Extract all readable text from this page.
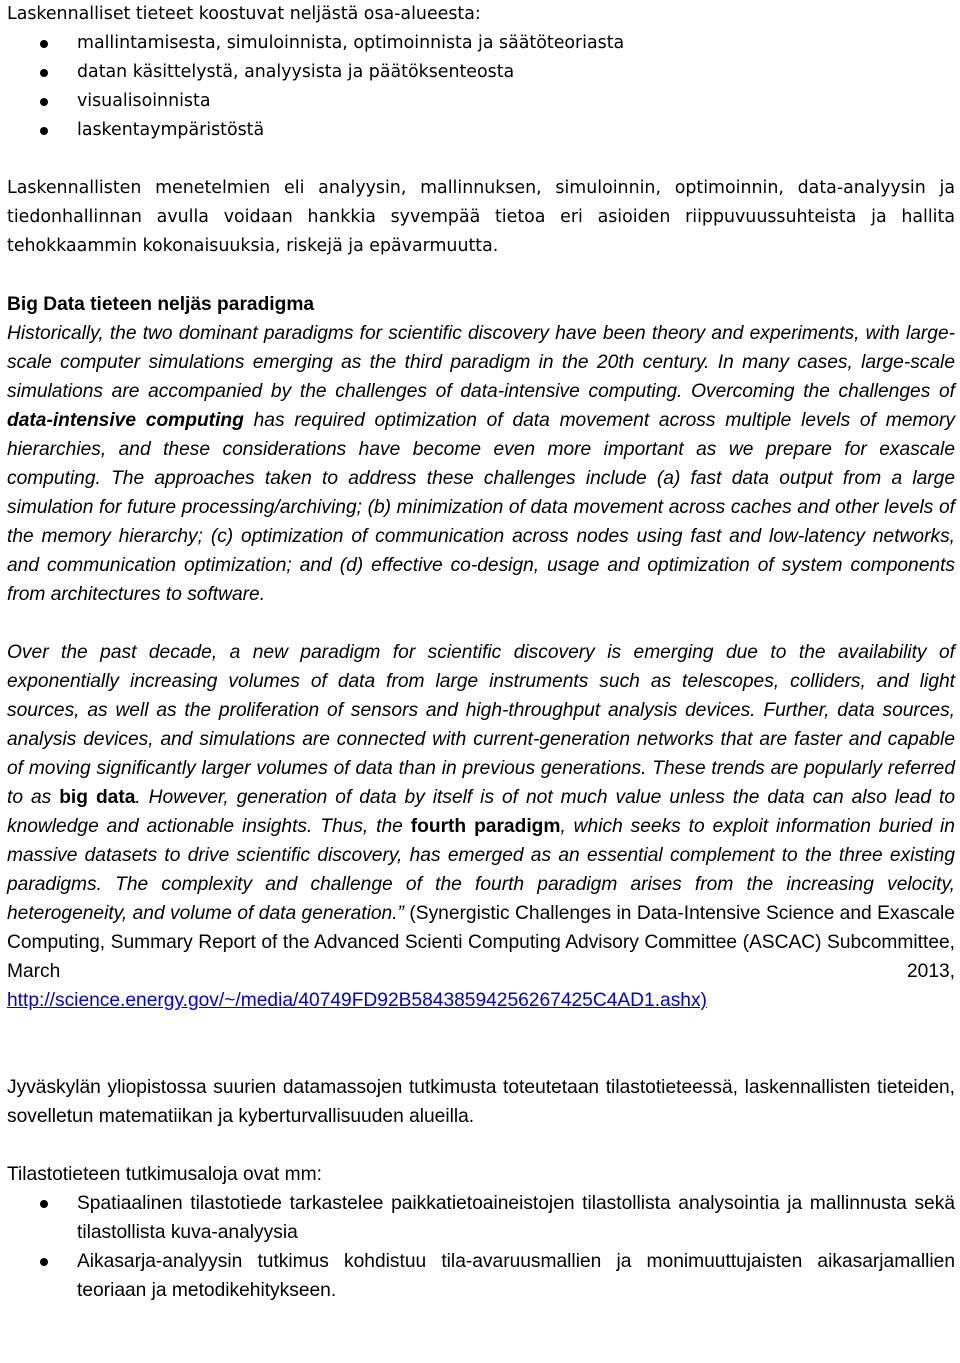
Laskennalliset tieteet koostuvat neljästä osa-alueesta:

mallintamisesta, simuloinnista, optimoinnista ja säätöteoriasta
datan käsittelystä, analyysista ja päätöksenteosta
visualisoinnista
laskentaympäristöstä

Laskennallisten menetelmien eli analyysin, mallinnuksen, simuloinnin, optimoinnin, data-analyysin ja tiedonhallinnan avulla voidaan hankkia syvempää tietoa eri asioiden riippuvuussuhteista ja hallita tehokkaammin kokonaisuuksia, riskejä ja epävarmuutta.

Big Data tieteen neljäs paradigma

Historically, the two dominant paradigms for scientific discovery have been theory and experiments, with large-scale computer simulations emerging as the third paradigm in the 20th century. In many cases, large-scale simulations are accompanied by the challenges of data-intensive computing. Overcoming the challenges of data-intensive computing has required optimization of data movement across multiple levels of memory hierarchies, and these considerations have become even more important as we prepare for exascale computing. The approaches taken to address these challenges include (a) fast data output from a large simulation for future processing/archiving; (b) minimization of data movement across caches and other levels of the memory hierarchy; (c) optimization of communication across nodes using fast and low-latency networks, and communication optimization; and (d) effective co-design, usage and optimization of system components from architectures to software.

Over the past decade, a new paradigm for scientific discovery is emerging due to the availability of exponentially increasing volumes of data from large instruments such as telescopes, colliders, and light sources, as well as the proliferation of sensors and high-throughput analysis devices. Further, data sources, analysis devices, and simulations are connected with current-generation networks that are faster and capable of moving significantly larger volumes of data than in previous generations. These trends are popularly referred to as big data. However, generation of data by itself is of not much value unless the data can also lead to knowledge and actionable insights. Thus, the fourth paradigm, which seeks to exploit information buried in massive datasets to drive scientific discovery, has emerged as an essential complement to the three existing paradigms. The complexity and challenge of the fourth paradigm arises from the increasing velocity, heterogeneity, and volume of data generation.” (Synergistic Challenges in Data-Intensive Science and Exascale Computing, Summary Report of the Advanced Scienti Computing Advisory Committee (ASCAC) Subcommittee, March 2013,

http://science.energy.gov/~/media/40749FD92B58438594256267425C4AD1.ashx)

Jyväskylän yliopistossa suurien datamassojen tutkimusta toteutetaan tilastotieteessä, laskennallisten tieteiden, sovelletun matematiikan ja kyberturvallisuuden alueilla.

Tilastotieteen tutkimusaloja ovat mm:

Spatiaalinen tilastotiede tarkastelee paikkatietoaineistojen tilastollista analysointia ja mallinnusta sekä tilastollista kuva-analyysia
Aikasarja-analyysin tutkimus kohdistuu tila-avaruusmallien ja monimuuttujaisten aikasarjamallien teoriaan ja metodikehitykseen.
